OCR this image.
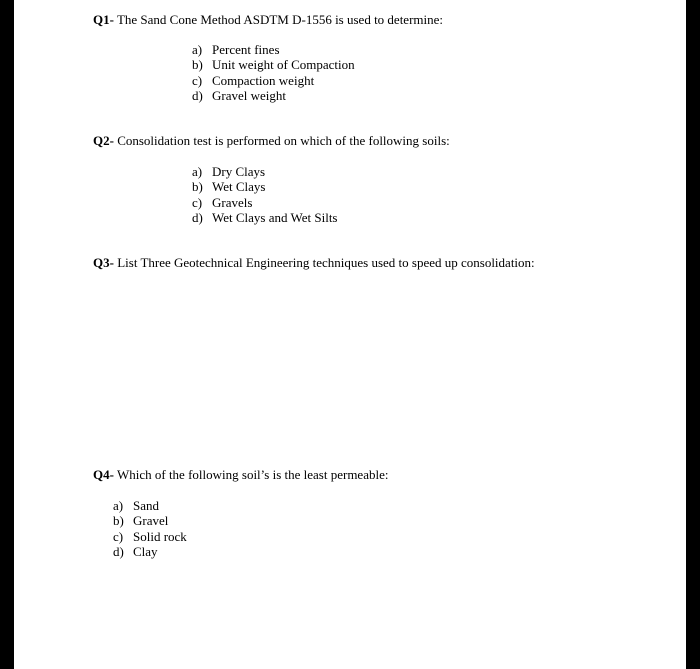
Q1- The Sand Cone Method ASDTM D-1556 is used to determine:
a) Percent fines
b) Unit weight of Compaction
c) Compaction weight
d) Gravel weight
Q2- Consolidation test is performed on which of the following soils:
a) Dry Clays
b) Wet Clays
c) Gravels
d) Wet Clays and Wet Silts
Q3- List Three Geotechnical Engineering techniques used to speed up consolidation:
Q4- Which of the following soil’s is the least permeable:
a) Sand
b) Gravel
c) Solid rock
d) Clay
